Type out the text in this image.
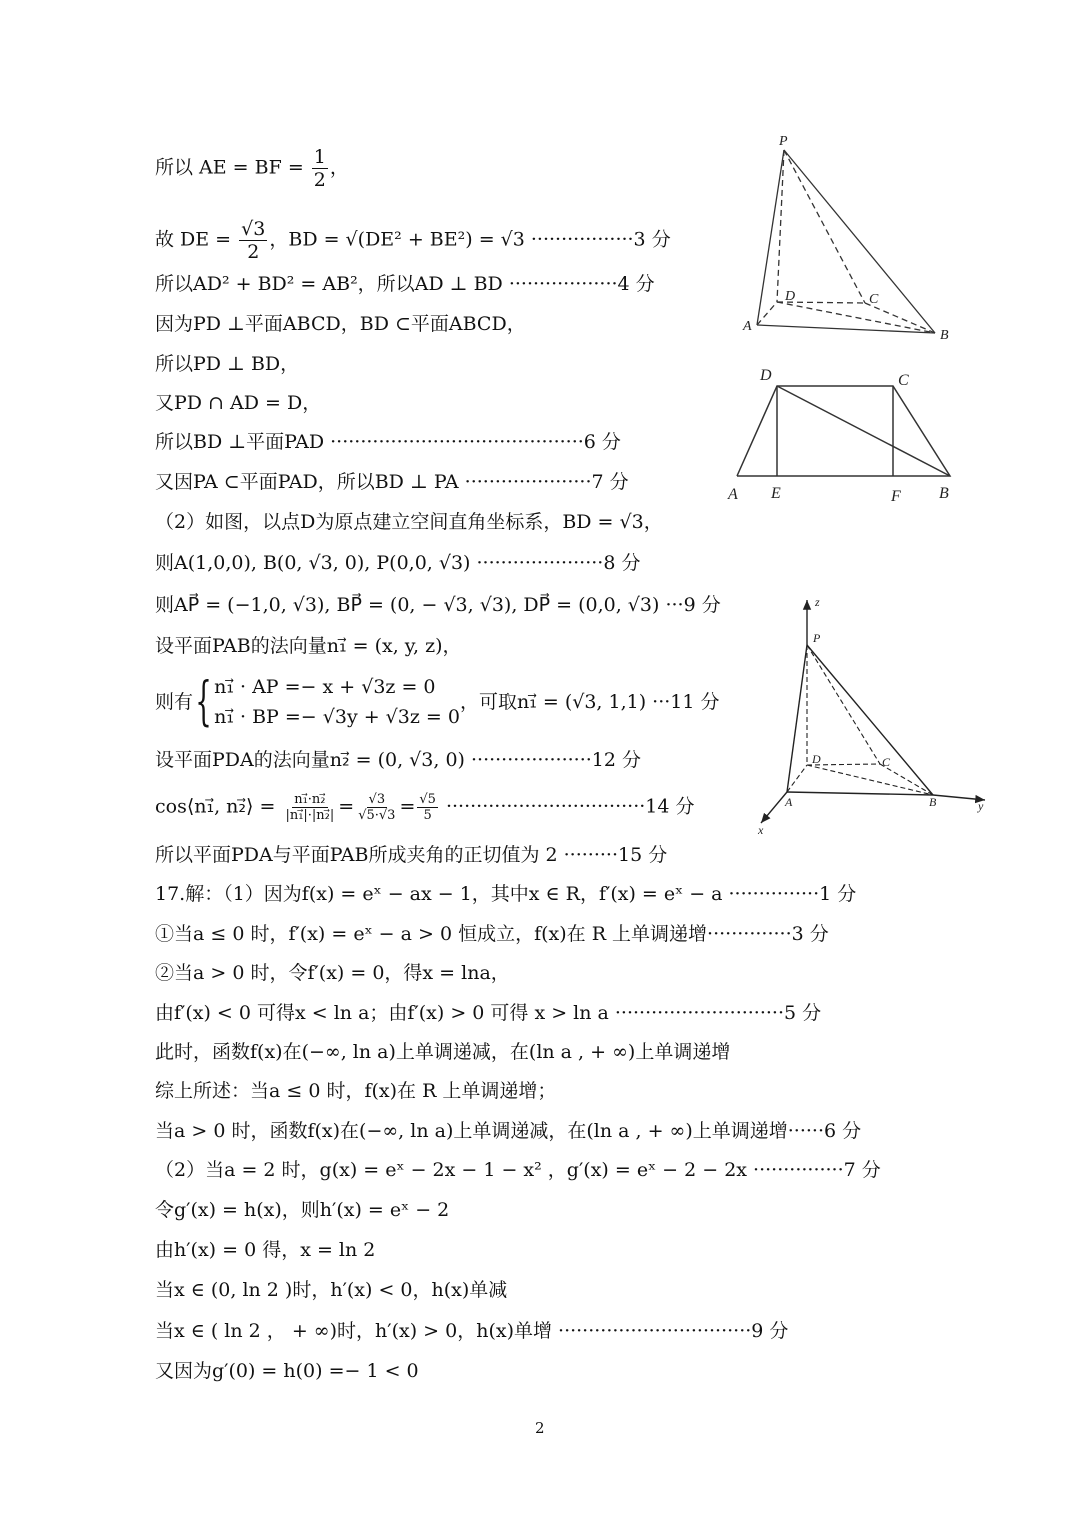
所以 AE = BF = $\frac{1}{2}$ ，
故 DE = $\frac{√3}{2}$ ，BD = √(DE² + BE²) = √3 ·················3 分
所以AD² + BD² = AB²，所以AD ⊥ BD ··················4 分
因为PD ⊥平面ABCD，BD ⊂平面ABCD，
所以PD ⊥ BD，
又PD ∩ AD = D，
所以BD ⊥平面PAD ··········································6 分
又因PA ⊂平面PAD，所以BD ⊥ PA ·····················7 分
（2）如图，以点D为原点建立空间直角坐标系，BD = √3，
则A(1,0,0), B(0, √3, 0), P(0,0, √3) ·····················8 分
则AP⃗ = (−1,0, √3), BP⃗ = (0, − √3, √3), DP⃗ = (0,0, √3) ···9 分
设平面PAB的法向量n₁⃗ = (x, y, z)，
则有 { n₁⃗ · AP =− x + √3z = 0
n₁⃗ · BP =− √3y + √3z = 0
，可取n₁⃗ = (√3, 1,1) ···11 分
设平面PDA的法向量n₂⃗ = (0, √3, 0) ····················12 分
cos⟨n₁⃗, n₂⃗⟩ = $\frac{\text{n₁⃗·n₂⃗}}{\text{|n₁⃗|·|n₂⃗|}} = \frac{√3}{√5\cdot√3} = \frac{√5}{5} \cdot\cdot\cdot\cdot\cdot\cdot\cdot\cdot\cdot\cdot\cdot\cdot\cdot\cdot\cdot\cdot\cdot\cdot\cdot\cdot\cdot\cdot\cdot\cdot\cdot\cdot\cdot\cdot\cdot\cdot\cdot\cdot\cdot 14$ 分
所以平面PDA与平面PAB所成夹角的正切值为 2 ·········15 分
17.解：（1）因为f(x) = eˣ − ax − 1，其中x ∈ R，f′(x) = eˣ − a ···············1 分
①当a ≤ 0 时，f′(x) = eˣ − a > 0 恒成立，f(x)在 R 上单调递增··············3 分
②当a > 0 时，令f′(x) = 0，得x = lna，
由f′(x) < 0 可得x < ln a；由f′(x) > 0 可得 x > ln a ····························5 分
此时，函数f(x)在(−∞, ln a)上单调递减，在(ln a , + ∞)上单调递增
综上所述：当a ≤ 0 时，f(x)在 R 上单调递增；
当a > 0 时，函数f(x)在(−∞, ln a)上单调递减，在(ln a , + ∞)上单调递增······6 分
（2）当a = 2 时，g(x) = eˣ − 2x − 1 − x² ，g′(x) = eˣ − 2 − 2x ···············7 分
令g′(x) = h(x)，则h′(x) = eˣ − 2
由h′(x) = 0 得，x = ln 2
当x ∈ (0, ln 2 )时，h′(x) < 0，h(x)单减
当x ∈ ( ln 2 ， + ∞)时，h′(x) > 0，h(x)单增 ································9 分
又因为g′(0) = h(0) =− 1 < 0
P
D	C
A
B
D	C
A E	F B
z
P
D	C
A	B
x
y
2
